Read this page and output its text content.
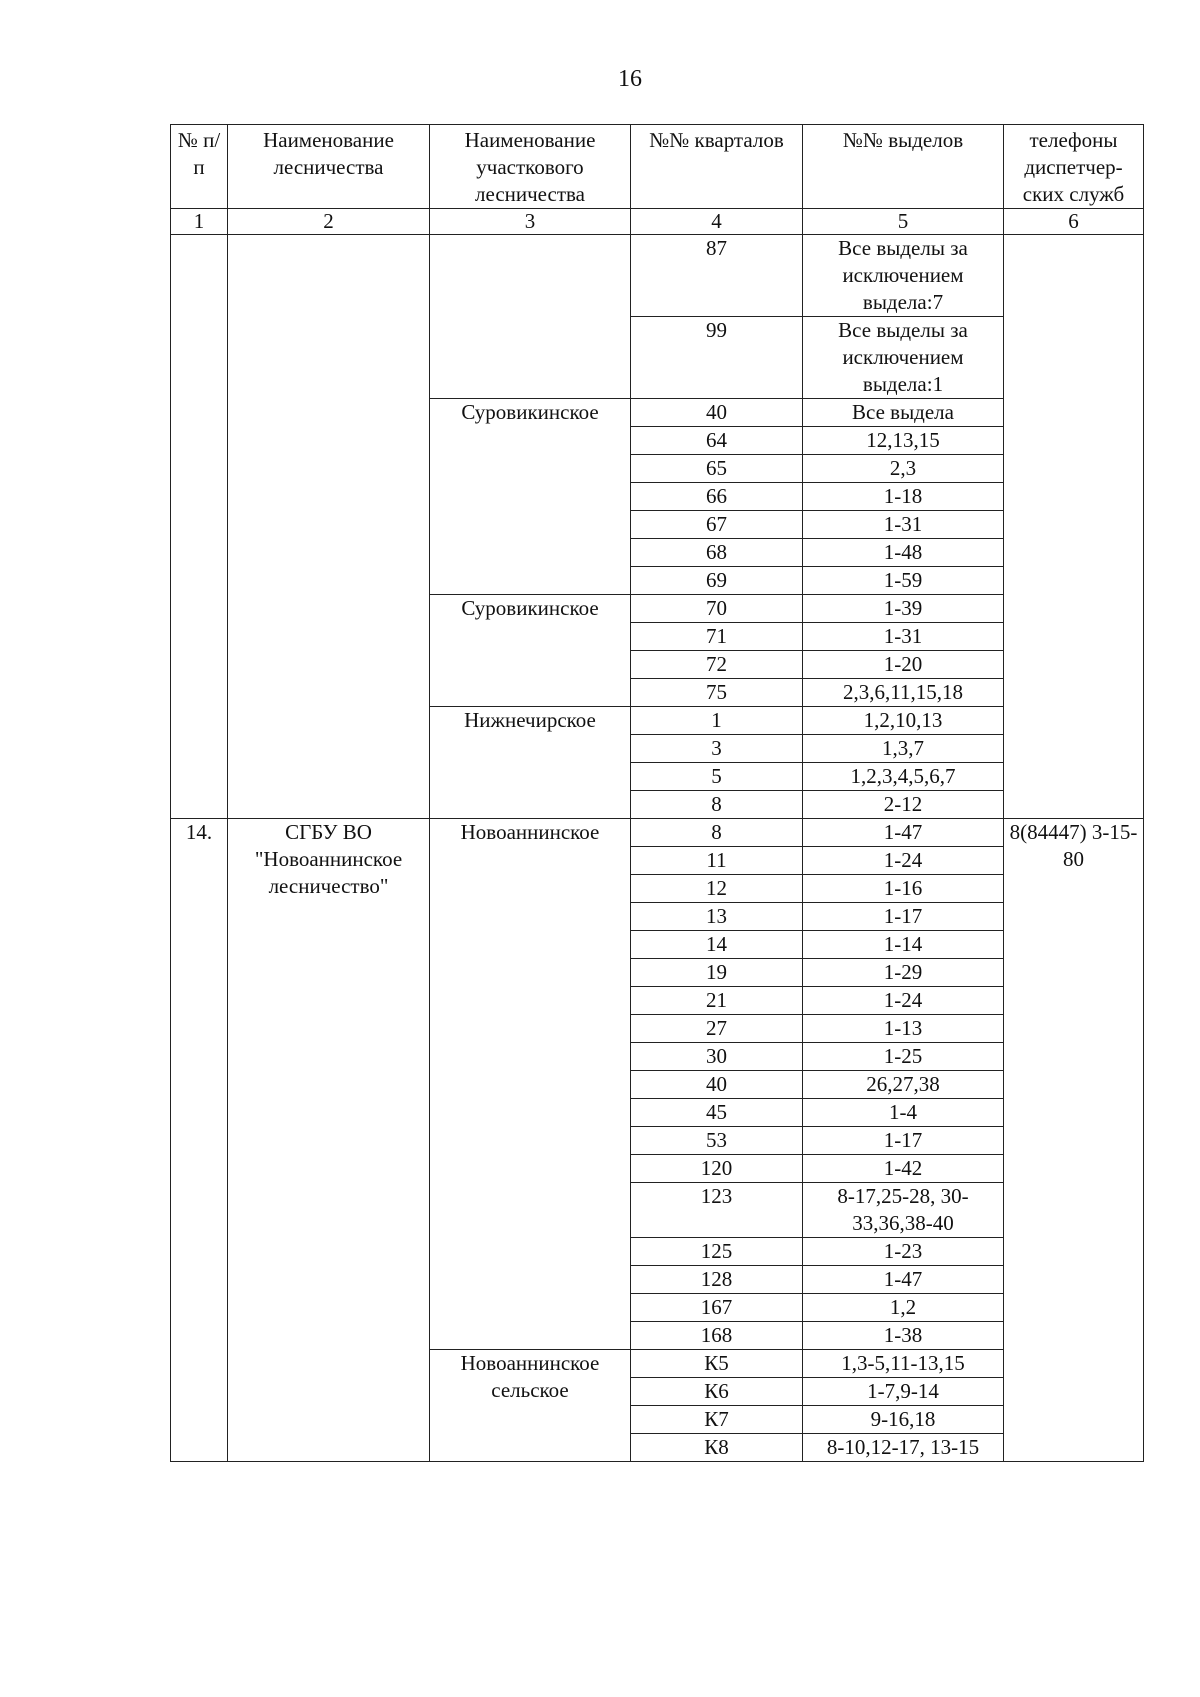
16
№ п/п	Наименование лесничества	Наименование участкового лесничества	№№ кварталов	№№ выделов	телефоны диспетчер-ских служб
1	2	3	4	5	6
			87	Все выделы за исключением выдела:7	
			99	Все выделы за исключением выдела:1	
		Суровикинское	40	Все выдела	
			64	12,13,15	
			65	2,3	
			66	1-18	
			67	1-31	
			68	1-48	
			69	1-59	
		Суровикинское	70	1-39	
			71	1-31	
			72	1-20	
			75	2,3,6,11,15,18	
		Нижнечирское	1	1,2,10,13	
			3	1,3,7	
			5	1,2,3,4,5,6,7	
			8	2-12	
14.	СГБУ ВО "Новоаннинское лесничество"	Новоаннинское	8	1-47	8(84447) 3-15-80
			11	1-24	
			12	1-16	
			13	1-17	
			14	1-14	
			19	1-29	
			21	1-24	
			27	1-13	
			30	1-25	
			40	26,27,38	
			45	1-4	
			53	1-17	
			120	1-42	
			123	8-17,25-28, 30-33,36,38-40	
			125	1-23	
			128	1-47	
			167	1,2	
			168	1-38	
		Новоаннинское сельское	К5	1,3-5,11-13,15	
			К6	1-7,9-14	
			К7	9-16,18	
			К8	8-10,12-17, 13-15	
